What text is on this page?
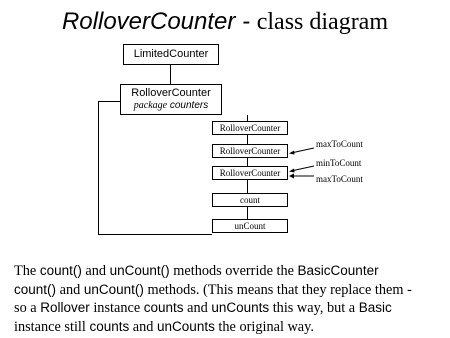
RolloverCounter - class diagram
LimitedCounter
RolloverCounter
package counters
RolloverCounter
RolloverCounter
RolloverCounter
count
unCount
maxToCount
minToCount
maxToCount

The count() and unCount() methods override the BasicCounter

count() and unCount() methods. (This means that they replace them -

so a Rollover instance counts and unCounts this way, but a Basic

instance still counts and unCounts the original way.
